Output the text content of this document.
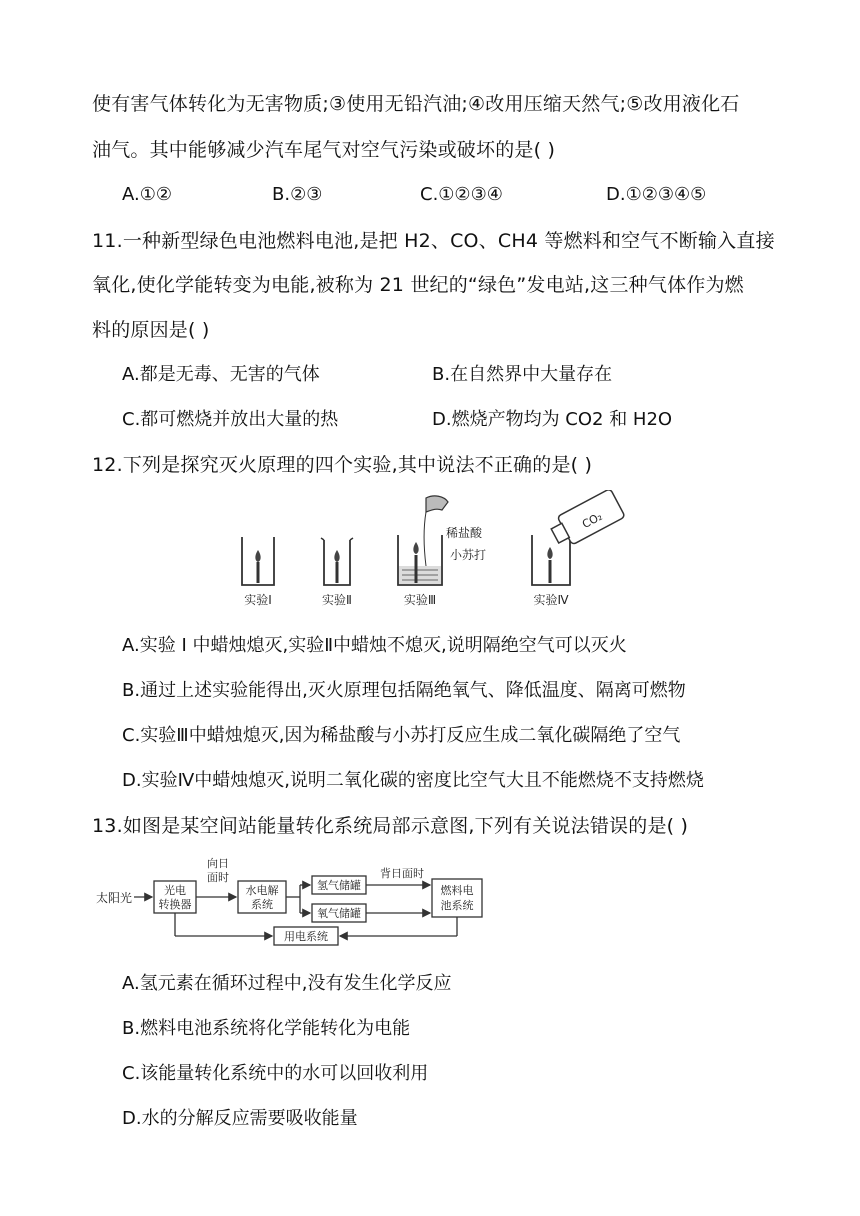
使有害气体转化为无害物质;③使用无铅汽油;④改用压缩天然气;⑤改用液化石
油气。其中能够减少汽车尾气对空气污染或破坏的是( )
A.①②	B.②③	C.①②③④	D.①②③④⑤
11.一种新型绿色电池燃料电池,是把 H2、CO、CH4 等燃料和空气不断输入直接
氧化,使化学能转变为电能,被称为 21 世纪的“绿色”发电站,这三种气体作为燃
料的原因是( )
A.都是无毒、无害的气体	B.在自然界中大量存在
C.都可燃烧并放出大量的热	D.燃烧产物均为 CO2 和 H2O
12.下列是探究灭火原理的四个实验,其中说法不正确的是( )
实验Ⅰ	实验Ⅱ
稀盐酸
小苏打
实验Ⅲ
CO₂
实验Ⅳ
A.实验 I 中蜡烛熄灭,实验Ⅱ中蜡烛不熄灭,说明隔绝空气可以灭火
B.通过上述实验能得出,灭火原理包括隔绝氧气、降低温度、隔离可燃物
C.实验Ⅲ中蜡烛熄灭,因为稀盐酸与小苏打反应生成二氧化碳隔绝了空气
D.实验Ⅳ中蜡烛熄灭,说明二氧化碳的密度比空气大且不能燃烧不支持燃烧
13.如图是某空间站能量转化系统局部示意图,下列有关说法错误的是( )
太阳光
光电
转换器
向日
面时
水电解
系统
氢气储罐
氧气储罐
背日面时
燃料电
池系统
用电系统
A.氢元素在循环过程中,没有发生化学反应
B.燃料电池系统将化学能转化为电能
C.该能量转化系统中的水可以回收利用
D.水的分解反应需要吸收能量
